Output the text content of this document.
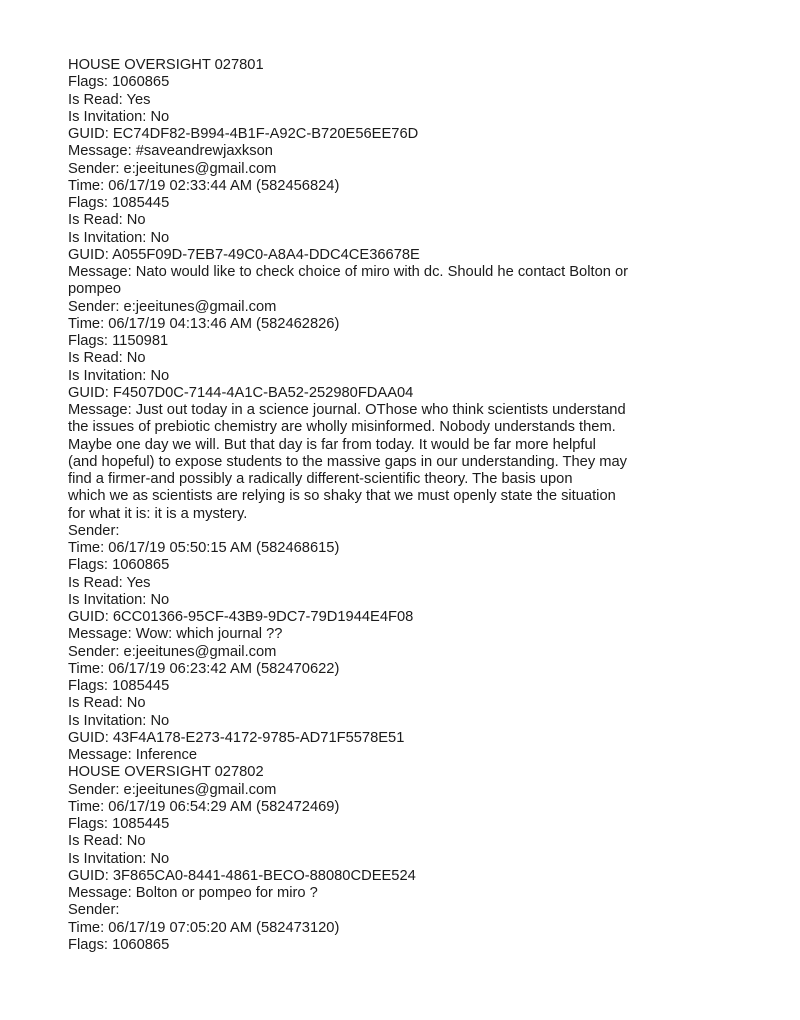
HOUSE OVERSIGHT 027801
Flags: 1060865
Is Read: Yes
Is Invitation: No
GUID: EC74DF82-B994-4B1F-A92C-B720E56EE76D
Message: #saveandrewjaxkson
Sender: e:jeeitunes@gmail.com
Time: 06/17/19 02:33:44 AM (582456824)
Flags: 1085445
Is Read: No
Is Invitation: No
GUID: A055F09D-7EB7-49C0-A8A4-DDC4CE36678E
Message: Nato would like to check choice of miro with dc. Should he contact Bolton or
pompeo
Sender: e:jeeitunes@gmail.com
Time: 06/17/19 04:13:46 AM (582462826)
Flags: 1150981
Is Read: No
Is Invitation: No
GUID: F4507D0C-7144-4A1C-BA52-252980FDAA04
Message: Just out today in a science journal. OThose who think scientists understand
the issues of prebiotic chemistry are wholly misinformed. Nobody understands them.
Maybe one day we will. But that day is far from today. It would be far more helpful
(and hopeful) to expose students to the massive gaps in our understanding. They may
find a firmer-and possibly a radically different-scientific theory. The basis upon
which we as scientists are relying is so shaky that we must openly state the situation
for what it is: it is a mystery.
Sender:
Time: 06/17/19 05:50:15 AM (582468615)
Flags: 1060865
Is Read: Yes
Is Invitation: No
GUID: 6CC01366-95CF-43B9-9DC7-79D1944E4F08
Message: Wow: which journal ??
Sender: e:jeeitunes@gmail.com
Time: 06/17/19 06:23:42 AM (582470622)
Flags: 1085445
Is Read: No
Is Invitation: No
GUID: 43F4A178-E273-4172-9785-AD71F5578E51
Message: Inference
HOUSE OVERSIGHT 027802
Sender: e:jeeitunes@gmail.com
Time: 06/17/19 06:54:29 AM (582472469)
Flags: 1085445
Is Read: No
Is Invitation: No
GUID: 3F865CA0-8441-4861-BECO-88080CDEE524
Message: Bolton or pompeo for miro ?
Sender:
Time: 06/17/19 07:05:20 AM (582473120)
Flags: 1060865
